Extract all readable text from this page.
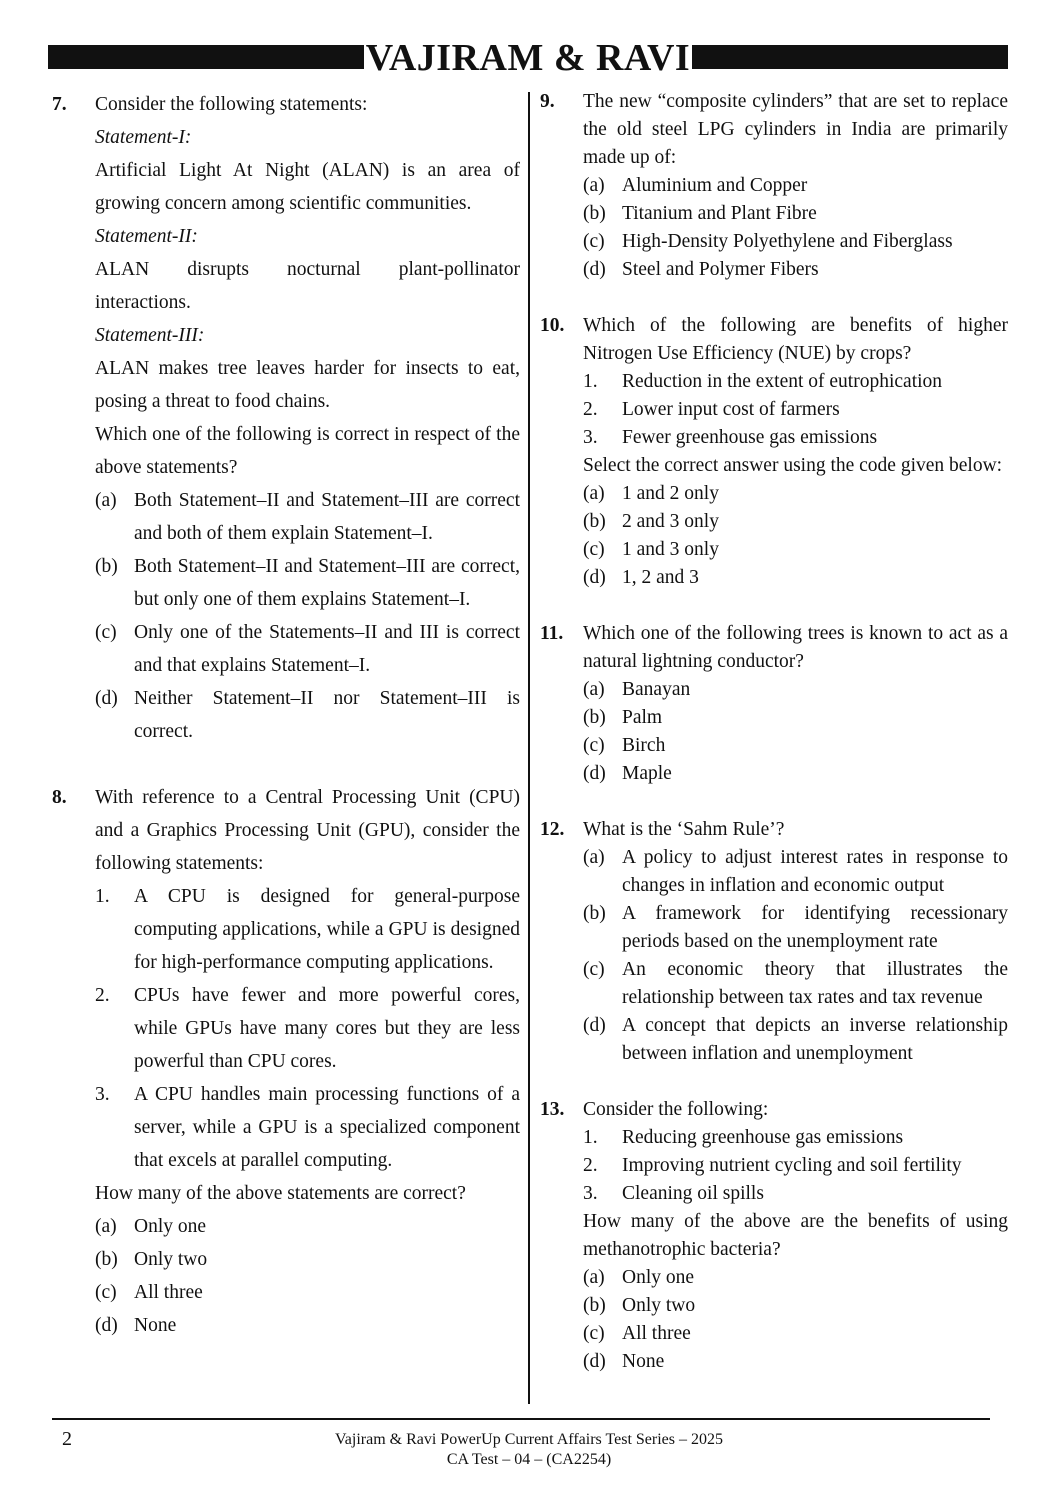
VAJIRAM & RAVI
7. Consider the following statements:
Statement-I:
Artificial Light At Night (ALAN) is an area of growing concern among scientific communities.
Statement-II:
ALAN disrupts nocturnal plant-pollinator interactions.
Statement-III:
ALAN makes tree leaves harder for insects to eat, posing a threat to food chains.
Which one of the following is correct in respect of the above statements?
(a) Both Statement–II and Statement–III are correct and both of them explain Statement–I.
(b) Both Statement–II and Statement–III are correct, but only one of them explains Statement–I.
(c) Only one of the Statements–II and III is correct and that explains Statement–I.
(d) Neither Statement–II nor Statement–III is correct.
8. With reference to a Central Processing Unit (CPU) and a Graphics Processing Unit (GPU), consider the following statements:
1.	A CPU is designed for general-purpose computing applications, while a GPU is designed for high-performance computing applications.
2.	CPUs have fewer and more powerful cores, while GPUs have many cores but they are less powerful than CPU cores.
3.	A CPU handles main processing functions of a server, while a GPU is a specialized component that excels at parallel computing.
How many of the above statements are correct?
(a) Only one
(b) Only two
(c) All three
(d) None
9. The new “composite cylinders” that are set to replace the old steel LPG cylinders in India are primarily made up of:
(a) Aluminium and Copper
(b) Titanium and Plant Fibre
(c) High-Density Polyethylene and Fiberglass
(d) Steel and Polymer Fibers
10. Which of the following are benefits of higher Nitrogen Use Efficiency (NUE) by crops?
1.	Reduction in the extent of eutrophication
2.	Lower input cost of farmers
3.	Fewer greenhouse gas emissions
Select the correct answer using the code given below:
(a) 1 and 2 only
(b) 2 and 3 only
(c) 1 and 3 only
(d) 1, 2 and 3
11. Which one of the following trees is known to act as a natural lightning conductor?
(a) Banayan
(b) Palm
(c) Birch
(d) Maple
12. What is the ‘Sahm Rule’?
(a) A policy to adjust interest rates in response to changes in inflation and economic output
(b) A framework for identifying recessionary periods based on the unemployment rate
(c) An economic theory that illustrates the relationship between tax rates and tax revenue
(d) A concept that depicts an inverse relationship between inflation and unemployment
13. Consider the following:
1.	Reducing greenhouse gas emissions
2.	Improving nutrient cycling and soil fertility
3.	Cleaning oil spills
How many of the above are the benefits of using methanotrophic bacteria?
(a) Only one
(b) Only two
(c) All three
(d) None
2	Vajiram & Ravi PowerUp Current Affairs Test Series – 2025
CA Test – 04 – (CA2254)
